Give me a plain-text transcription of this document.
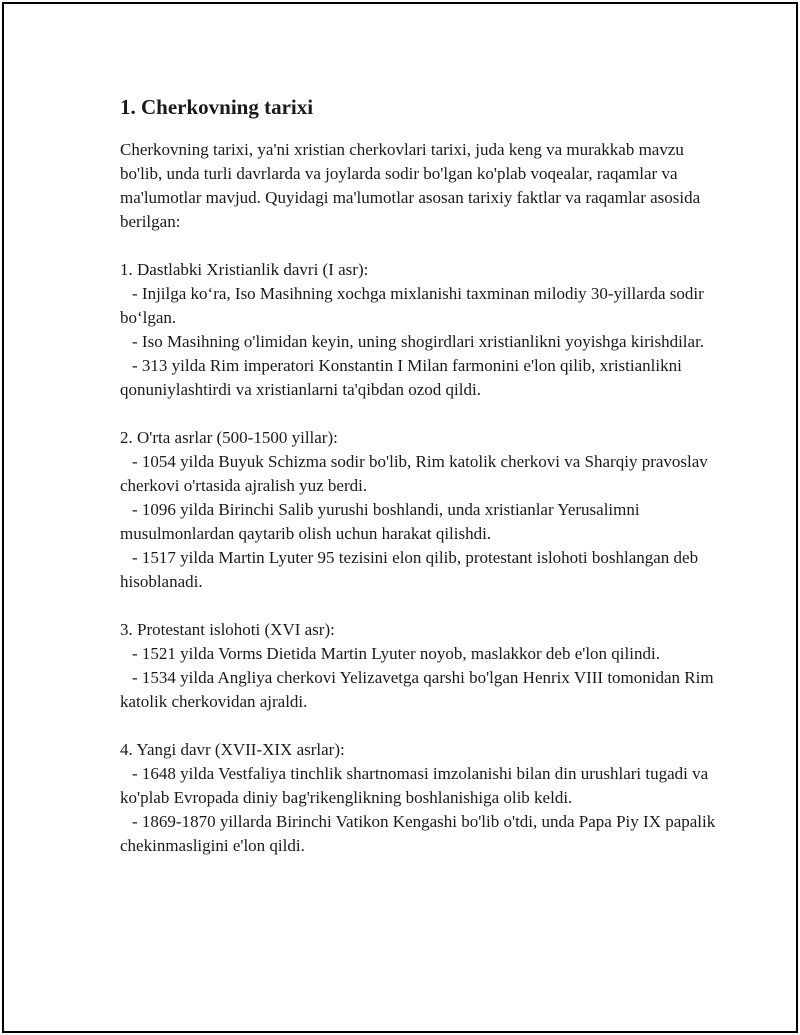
1. Cherkovning tarixi

Cherkovning tarixi, ya'ni xristian cherkovlari tarixi, juda keng va murakkab mavzu bo'lib, unda turli davrlarda va joylarda sodir bo'lgan ko'plab voqealar, raqamlar va ma'lumotlar mavjud. Quyidagi ma'lumotlar asosan tarixiy faktlar va raqamlar asosida berilgan:

1. Dastlabki Xristianlik davri (I asr):

- Injilga ko‘ra, Iso Masihning xochga mixlanishi taxminan milodiy 30-yillarda sodir bo‘lgan.

- Iso Masihning o'limidan keyin, uning shogirdlari xristianlikni yoyishga kirishdilar.

- 313 yilda Rim imperatori Konstantin I Milan farmonini e'lon qilib, xristianlikni qonuniylashtirdi va xristianlarni ta'qibdan ozod qildi.

2. O'rta asrlar (500-1500 yillar):

- 1054 yilda Buyuk Schizma sodir bo'lib, Rim katolik cherkovi va Sharqiy pravoslav cherkovi o'rtasida ajralish yuz berdi.

- 1096 yilda Birinchi Salib yurushi boshlandi, unda xristianlar Yerusalimni musulmonlardan qaytarib olish uchun harakat qilishdi.

- 1517 yilda Martin Lyuter 95 tezisini elon qilib, protestant islohoti boshlangan deb hisoblanadi.

3. Protestant islohoti (XVI asr):

- 1521 yilda Vorms Dietida Martin Lyuter noyob, maslakkor deb e'lon qilindi.

- 1534 yilda Angliya cherkovi Yelizavetga qarshi bo'lgan Henrix VIII tomonidan Rim katolik cherkovidan ajraldi.

4. Yangi davr (XVII-XIX asrlar):

- 1648 yilda Vestfaliya tinchlik shartnomasi imzolanishi bilan din urushlari tugadi va ko'plab Evropada diniy bag'rikenglikning boshlanishiga olib keldi.

- 1869-1870 yillarda Birinchi Vatikon Kengashi bo'lib o'tdi, unda Papa Piy IX papalik chekinmasligini e'lon qildi.
